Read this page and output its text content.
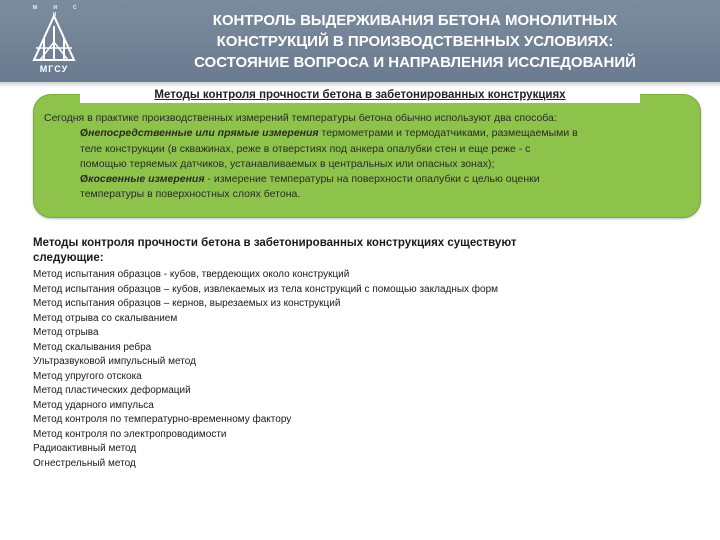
м и с и
МГСУ
КОНТРОЛЬ ВЫДЕРЖИВАНИЯ БЕТОНА МОНОЛИТНЫХ
КОНСТРУКЦИЙ В ПРОИЗВОДСТВЕННЫХ УСЛОВИЯХ:
СОСТОЯНИЕ ВОПРОСА И НАПРАВЛЕНИЯ ИССЛЕДОВАНИЙ
Методы контроля прочности бетона в забетонированных конструкциях
Сегодня в практике производственных измерений температуры бетона обычно используют два способа:
Øнепосредственные или прямые измерения термометрами и термодатчиками, размещаемыми в
теле конструкции (в скважинах, реже в отверстиях под анкера опалубки стен и еще реже - с
помощью теряемых датчиков, устанавливаемых в центральных или опасных зонах);
Øкосвенные измерения - измерение температуры на поверхности опалубки с целью оценки
температуры в поверхностных слоях бетона.
Методы контроля прочности бетона в забетонированных конструкциях существуют
следующие:
Метод испытания образцов - кубов, твердеющих около конструкций
Метод испытания образцов – кубов, извлекаемых из тела конструкций с помощью закладных форм
Метод испытания образцов – кернов, вырезаемых из конструкций
Метод отрыва со скалыванием
Метод отрыва
Метод скалывания ребра
Ультразвуковой импульсный метод
Метод упругого отскока
Метод пластических деформаций
Метод ударного импульса
Метод контроля по температурно-временному фактору
Метод контроля по электропроводимости
Радиоактивный метод
Огнестрельный метод
